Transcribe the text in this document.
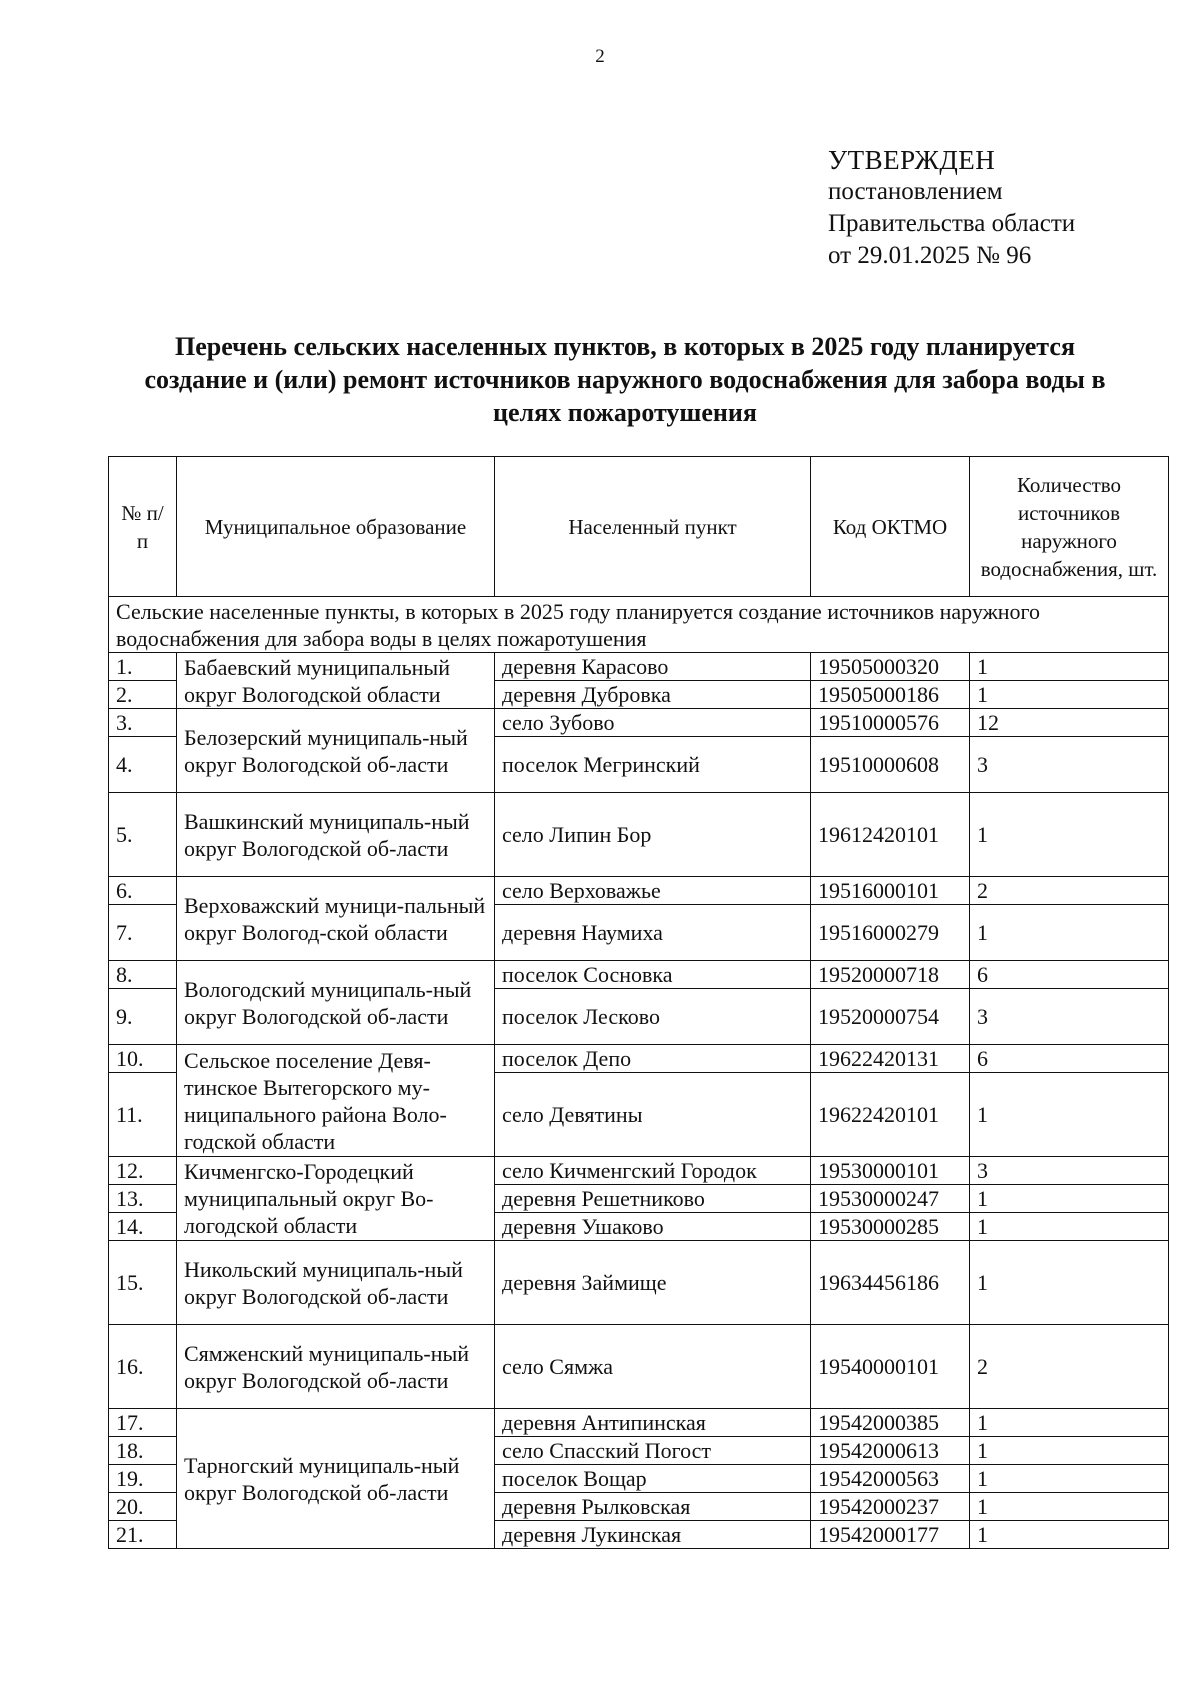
2
УТВЕРЖДЕН
постановлением
Правительства области
от 29.01.2025 № 96
Перечень сельских населенных пунктов, в которых в 2025 году планируется создание и (или) ремонт источников наружного водоснабжения для забора воды в целях пожаротушения
№ п/п	Муниципальное образование	Населенный пункт	Код ОКТМО	Количество источников наружного водоснабжения, шт.
Сельские населенные пункты, в которых в 2025 году планируется создание источников наружного водоснабжения для забора воды в целях пожаротушения				
1.	Бабаевский муниципальный округ Вологодской области	деревня Карасово	19505000320	1
2.		деревня Дубровка	19505000186	1
3.	Белозерский муниципаль-ный округ Вологодской об-ласти	село Зубово	19510000576	12
4.		поселок Мегринский	19510000608	3
5.	Вашкинский муниципаль-ный округ Вологодской об-ласти	село Липин Бор	19612420101	1
6.	Верховажский муници-пальный округ Вологод-ской области	село Верховажье	19516000101	2
7.		деревня Наумиха	19516000279	1
8.	Вологодский муниципаль-ный округ Вологодской об-ласти	поселок Сосновка	19520000718	6
9.		поселок Лесково	19520000754	3
10.	Сельское поселение Девя-тинское Вытегорского му-ниципального района Воло-годской области	поселок Депо	19622420131	6
11.		село Девятины	19622420101	1
12.	Кичменгско-Городецкий муниципальный округ Во-логодской области	село Кичменгский Городок	19530000101	3
13.		деревня Решетниково	19530000247	1
14.		деревня Ушаково	19530000285	1
15.	Никольский муниципаль-ный округ Вологодской об-ласти	деревня Займище	19634456186	1
16.	Сямженский муниципаль-ный округ Вологодской об-ласти	село Сямжа	19540000101	2
17.	Тарногский муниципаль-ный округ Вологодской об-ласти	деревня Антипинская	19542000385	1
18.		село Спасский Погост	19542000613	1
19.		поселок Вощар	19542000563	1
20.		деревня Рылковская	19542000237	1
21.		деревня Лукинская	19542000177	1
